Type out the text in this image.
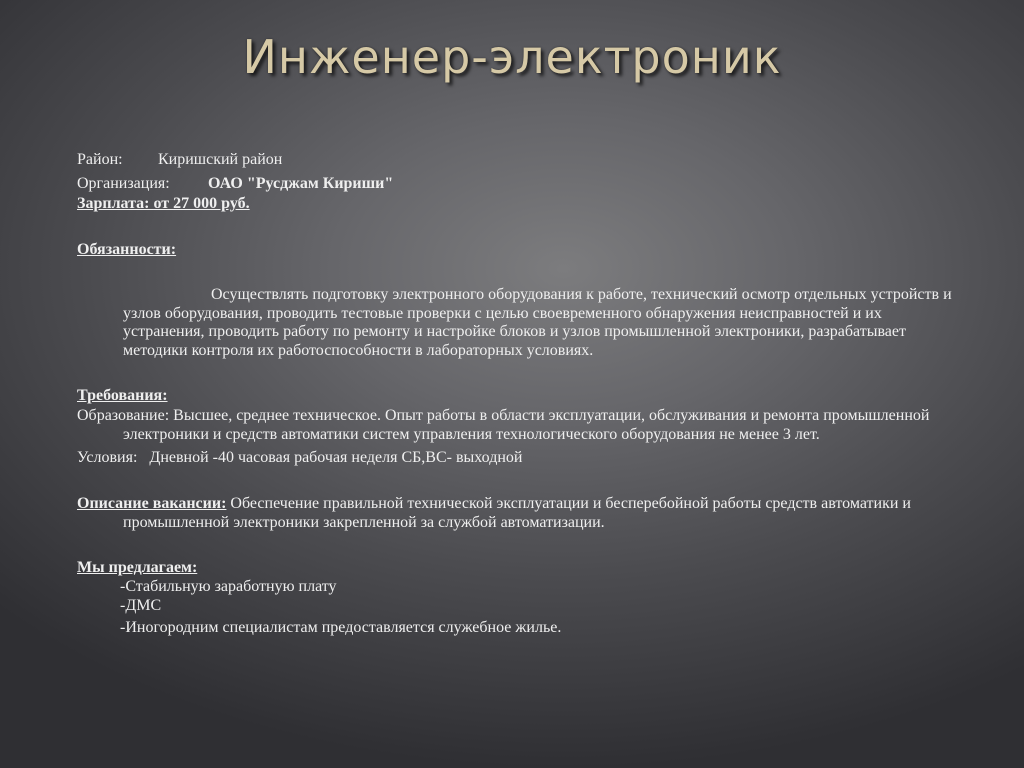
Инженер-электроник

Район: Киришский район

Организация: ОАО "Русджам Кириши"

Зарплата: от 27 000 руб.

Обязанности:

Осуществлять подготовку электронного оборудования к работе, технический осмотр отдельных устройств и узлов оборудования, проводить тестовые проверки с целью своевременного обнаружения неисправностей и их устранения, проводить работу по ремонту и настройке блоков и узлов промышленной электроники, разрабатывает методики контроля их работоспособности в лабораторных условиях.

Требования:

Образование: Высшее, среднее техническое. Опыт работы в области эксплуатации, обслуживания и ремонта промышленной электроники и средств автоматики систем управления технологического оборудования не менее 3 лет.

Условия: Дневной -40 часовая рабочая неделя СБ,ВС- выходной

Описание вакансии: Обеспечение правильной технической эксплуатации и бесперебойной работы средств автоматики и промышленной электроники закрепленной за службой автоматизации.

Мы предлагаем:

-Стабильную заработную плату

-ДМС

-Иногородним специалистам предоставляется служебное жилье.
